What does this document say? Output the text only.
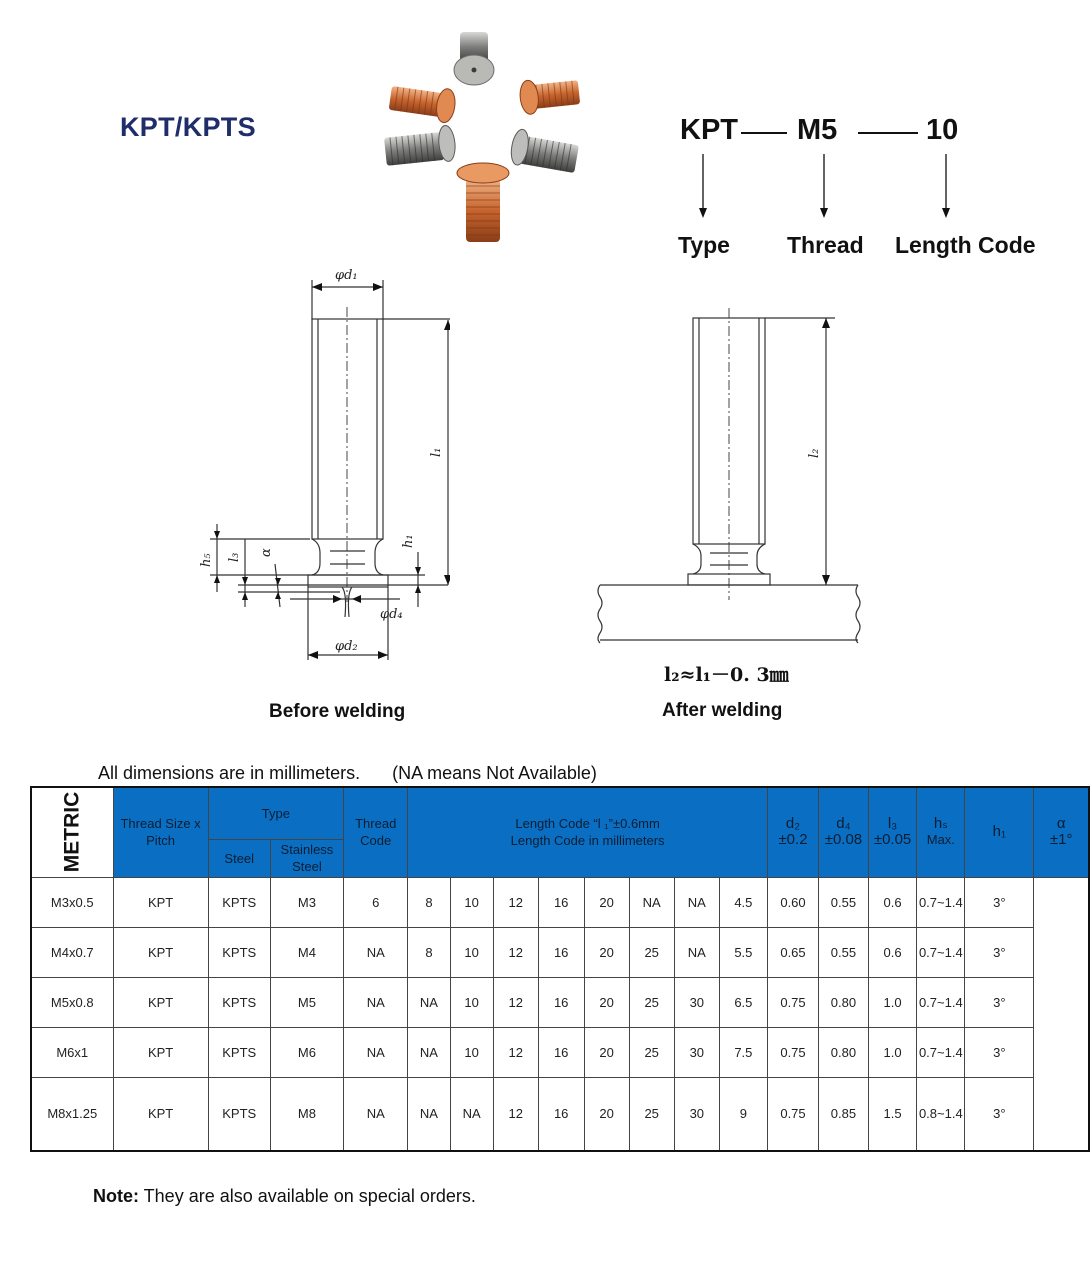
KPT/KPTS	KPT M5	10
Type Thread Length Code
φd₁
l₁
h₅ l₃
α
h₁
φd₄
φd₂
Before welding
l₂
l₂≈l₁－0. 3㎜
After welding
All dimensions are in millimeters. (NA means Not Available)
METRIC	Thread Size x Pitch	Type	Thread Code	
Length Code “l ₁”±0.6mm
Length Code in millimeters

d₂
±0.2

d₄
±0.08

l₃
±0.05

hₛ
Max.	h₁	α
±1°

		Steel	Stainless Steel															
M3x0.5	KPT	KPTS	M3	6	8	10	12	16	20	NA	NA	4.5	0.60	0.55	0.6	0.7~1.4	3°	
M4x0.7	KPT	KPTS	M4	NA	8	10	12	16	20	25	NA	5.5	0.65	0.55	0.6	0.7~1.4	3°	
M5x0.8	KPT	KPTS	M5	NA	NA	10	12	16	20	25	30	6.5	0.75	0.80	1.0	0.7~1.4	3°	
M6x1	KPT	KPTS	M6	NA	NA	10	12	16	20	25	30	7.5	0.75	0.80	1.0	0.7~1.4	3°	
M8x1.25	KPT	KPTS	M8	NA	NA	NA	12	16	20	25	30	9	0.75	0.85	1.5	0.8~1.4	3°	
Note: They are also available on special orders.
